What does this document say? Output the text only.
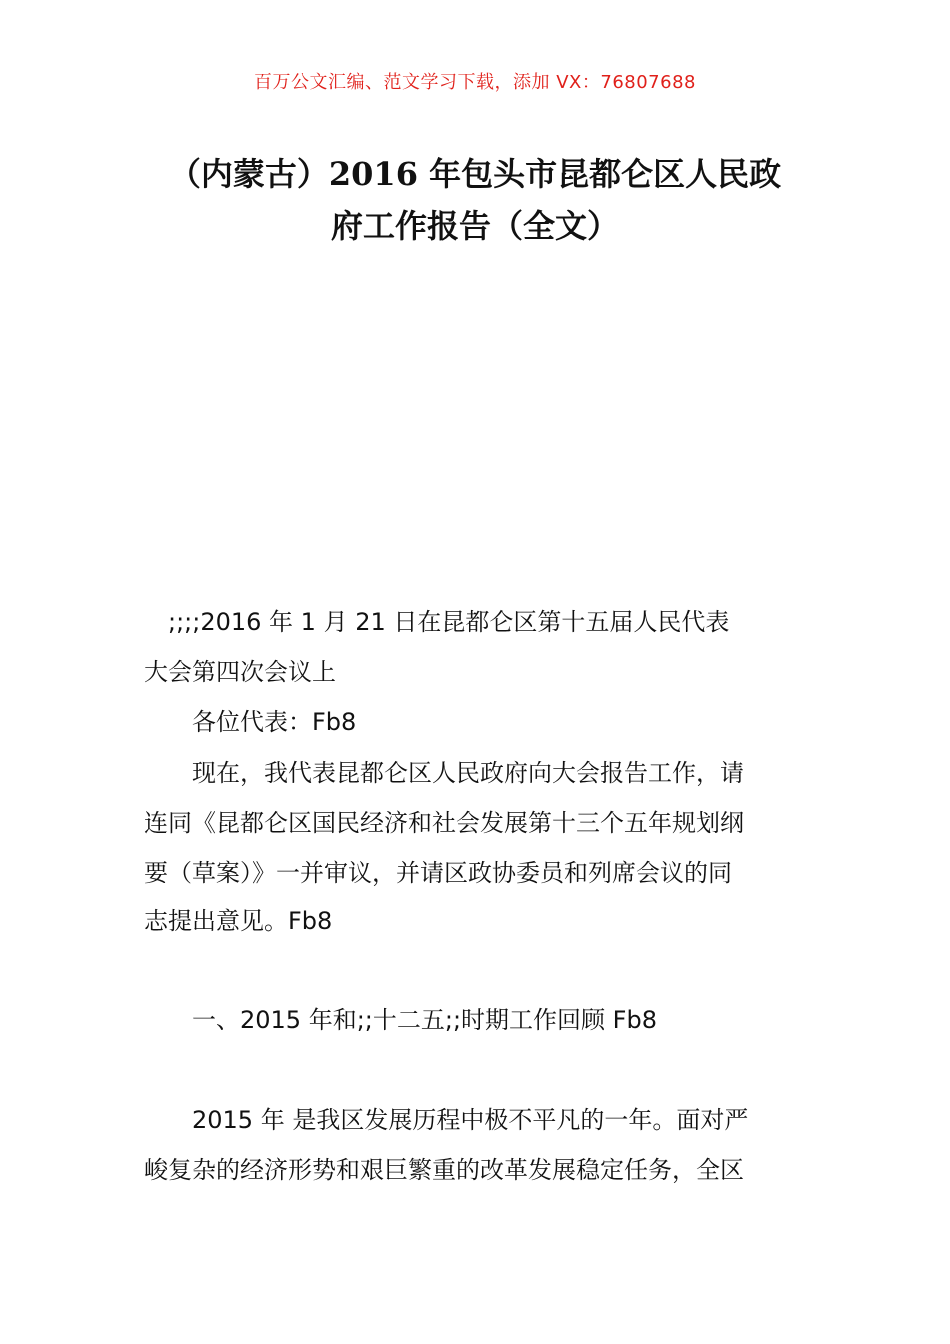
百万公文汇编、范文学习下载，添加 VX：76807688
（内蒙古）2016 年包头市昆都仑区人民政
府工作报告（全文）
　;;;;2016 年 1 月 21 日在昆都仑区第十五届人民代表
大会第四次会议上
　　各位代表：Fb8
　　现在，我代表昆都仑区人民政府向大会报告工作，请
连同《昆都仑区国民经济和社会发展第十三个五年规划纲
要（草案）》一并审议，并请区政协委员和列席会议的同
志提出意见。Fb8
　　一、2015 年和;;十二五;;时期工作回顾 Fb8
　　2015 年 是我区发展历程中极不平凡的一年。面对严
峻复杂的经济形势和艰巨繁重的改革发展稳定任务，全区
